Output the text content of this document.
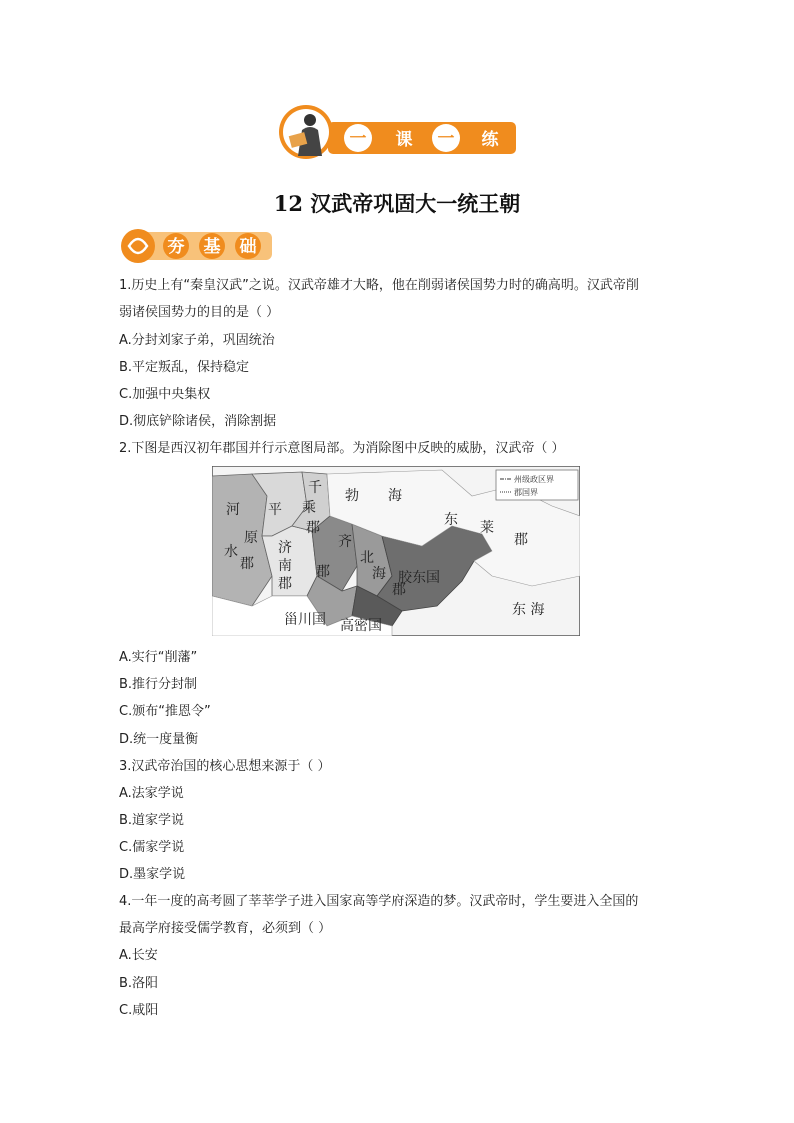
一 课 一 练
12 汉武帝巩固大一统王朝
夯 基 础
1.历史上有“秦皇汉武”之说。汉武帝雄才大略，他在削弱诸侯国势力时的确高明。汉武帝削
弱诸侯国势力的目的是（ ）
A.分封刘家子弟，巩固统治
B.平定叛乱，保持稳定
C.加强中央集权
D.彻底铲除诸侯，消除割据
2.下图是西汉初年郡国并行示意图局部。为消除图中反映的威胁，汉武帝（ ）
州级政区界
郡国界
河
水
平
原
郡
千
乘
郡
济
南
郡
勃 海
齐
郡
北
海
郡
胶东国
东 莱
郡
东 海
甾川国 高密国
A.实行“削藩”
B.推行分封制
C.颁布“推恩令”
D.统一度量衡
3.汉武帝治国的核心思想来源于（ ）
A.法家学说
B.道家学说
C.儒家学说
D.墨家学说
4.一年一度的高考圆了莘莘学子进入国家高等学府深造的梦。汉武帝时，学生要进入全国的
最高学府接受儒学教育，必须到（ ）
A.长安
B.洛阳
C.咸阳
